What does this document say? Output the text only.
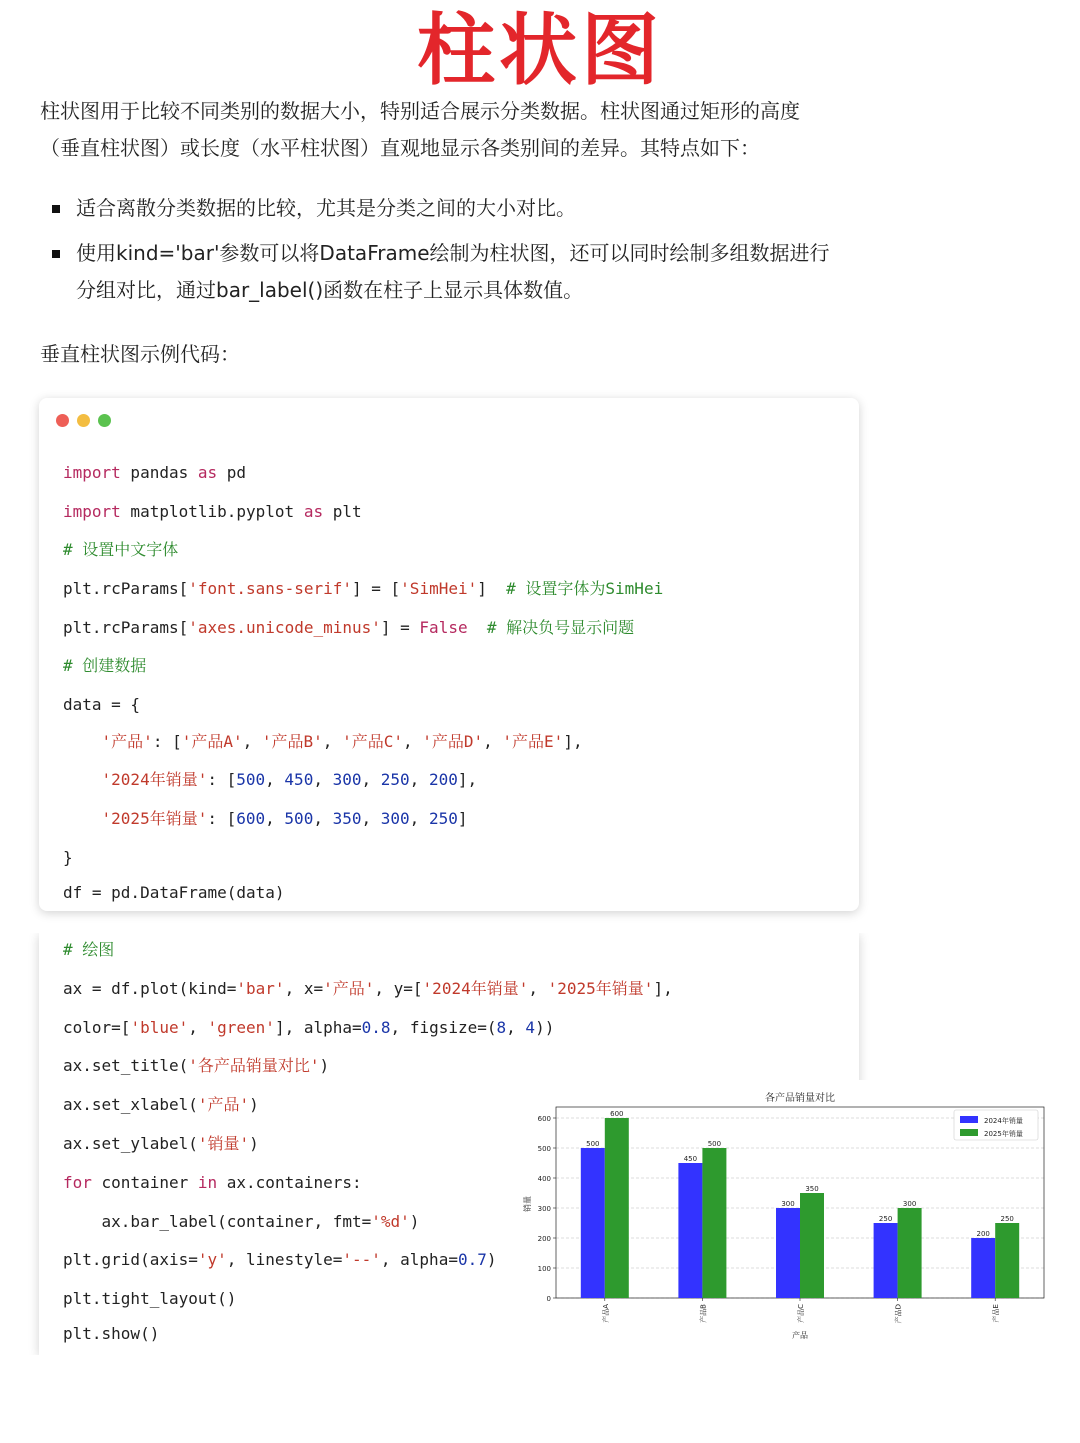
柱状图
柱状图用于比较不同类别的数据大小，特别适合展示分类数据。柱状图通过矩形的高度
（垂直柱状图）或长度（水平柱状图）直观地显示各类别间的差异。其特点如下：
适合离散分类数据的比较，尤其是分类之间的大小对比。
使用kind='bar'参数可以将DataFrame绘制为柱状图，还可以同时绘制多组数据进行
分组对比，通过bar_label()函数在柱子上显示具体数值。
垂直柱状图示例代码：
import pandas as pd
import matplotlib.pyplot as plt
# 设置中文字体
plt.rcParams['font.sans-serif'] = ['SimHei']  # 设置字体为SimHei
plt.rcParams['axes.unicode_minus'] = False # 解决负号显示问题
# 创建数据
data = {
'产品': ['产品A', '产品B', '产品C', '产品D', '产品E'],
'2024年销量': [500, 450, 300, 250, 200],
'2025年销量': [600, 500, 350, 300, 250]
}
df = pd.DataFrame(data)
# 绘图
ax = df.plot(kind='bar', x='产品', y=['2024年销量', '2025年销量'],
color=['blue', 'green'], alpha=0.8, figsize=(8, 4))
ax.set_title('各产品销量对比')
ax.set_xlabel('产品')
ax.set_ylabel('销量')
for container in ax.containers:
ax.bar_label(container, fmt='%d')
plt.grid(axis='y', linestyle='--', alpha=0.7)
plt.tight_layout()
plt.show()
各产品销量对比
0
100
200
300
400
500
600
500
600
产品A
450
500
产品B
300
350
产品C
250
300
产品D
200
250
产品E
产品
销量
2024年销量
2025年销量
